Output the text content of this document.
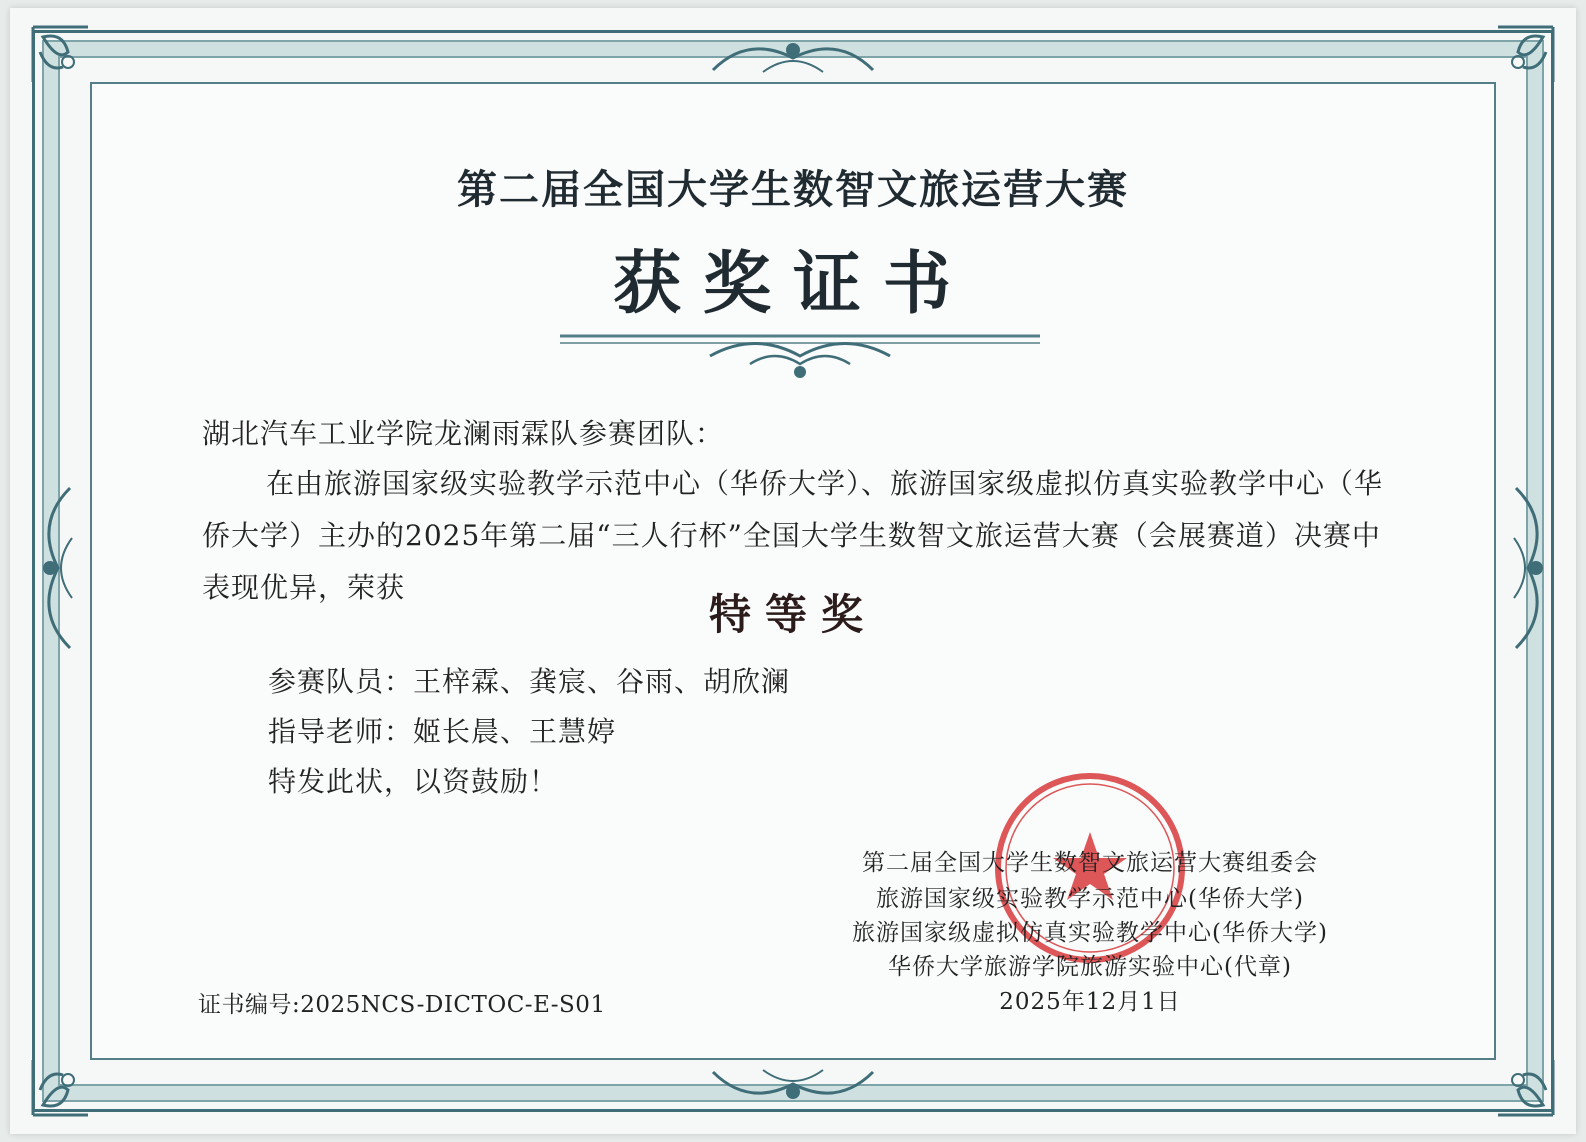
第二届全国大学生数智文旅运营大赛
获奖证书
湖北汽车工业学院龙澜雨霖队参赛团队：
在由旅游国家级实验教学示范中心（华侨大学）、旅游国家级虚拟仿真实验教学中心（华侨大学）主办的2025年第二届“三人行杯”全国大学生数智文旅运营大赛（会展赛道）决赛中表现优异，荣获
特等奖
参赛队员：王梓霖、龚宸、谷雨、胡欣澜
指导老师：姬长晨、王慧婷
特发此状，以资鼓励！
第二届全国大学生数智文旅运营大赛组委会
旅游国家级实验教学示范中心(华侨大学)
旅游国家级虚拟仿真实验教学中心(华侨大学)
华侨大学旅游学院旅游实验中心(代章)
2025年12月1日
证书编号:2025NCS-DICTOC-E-S01
